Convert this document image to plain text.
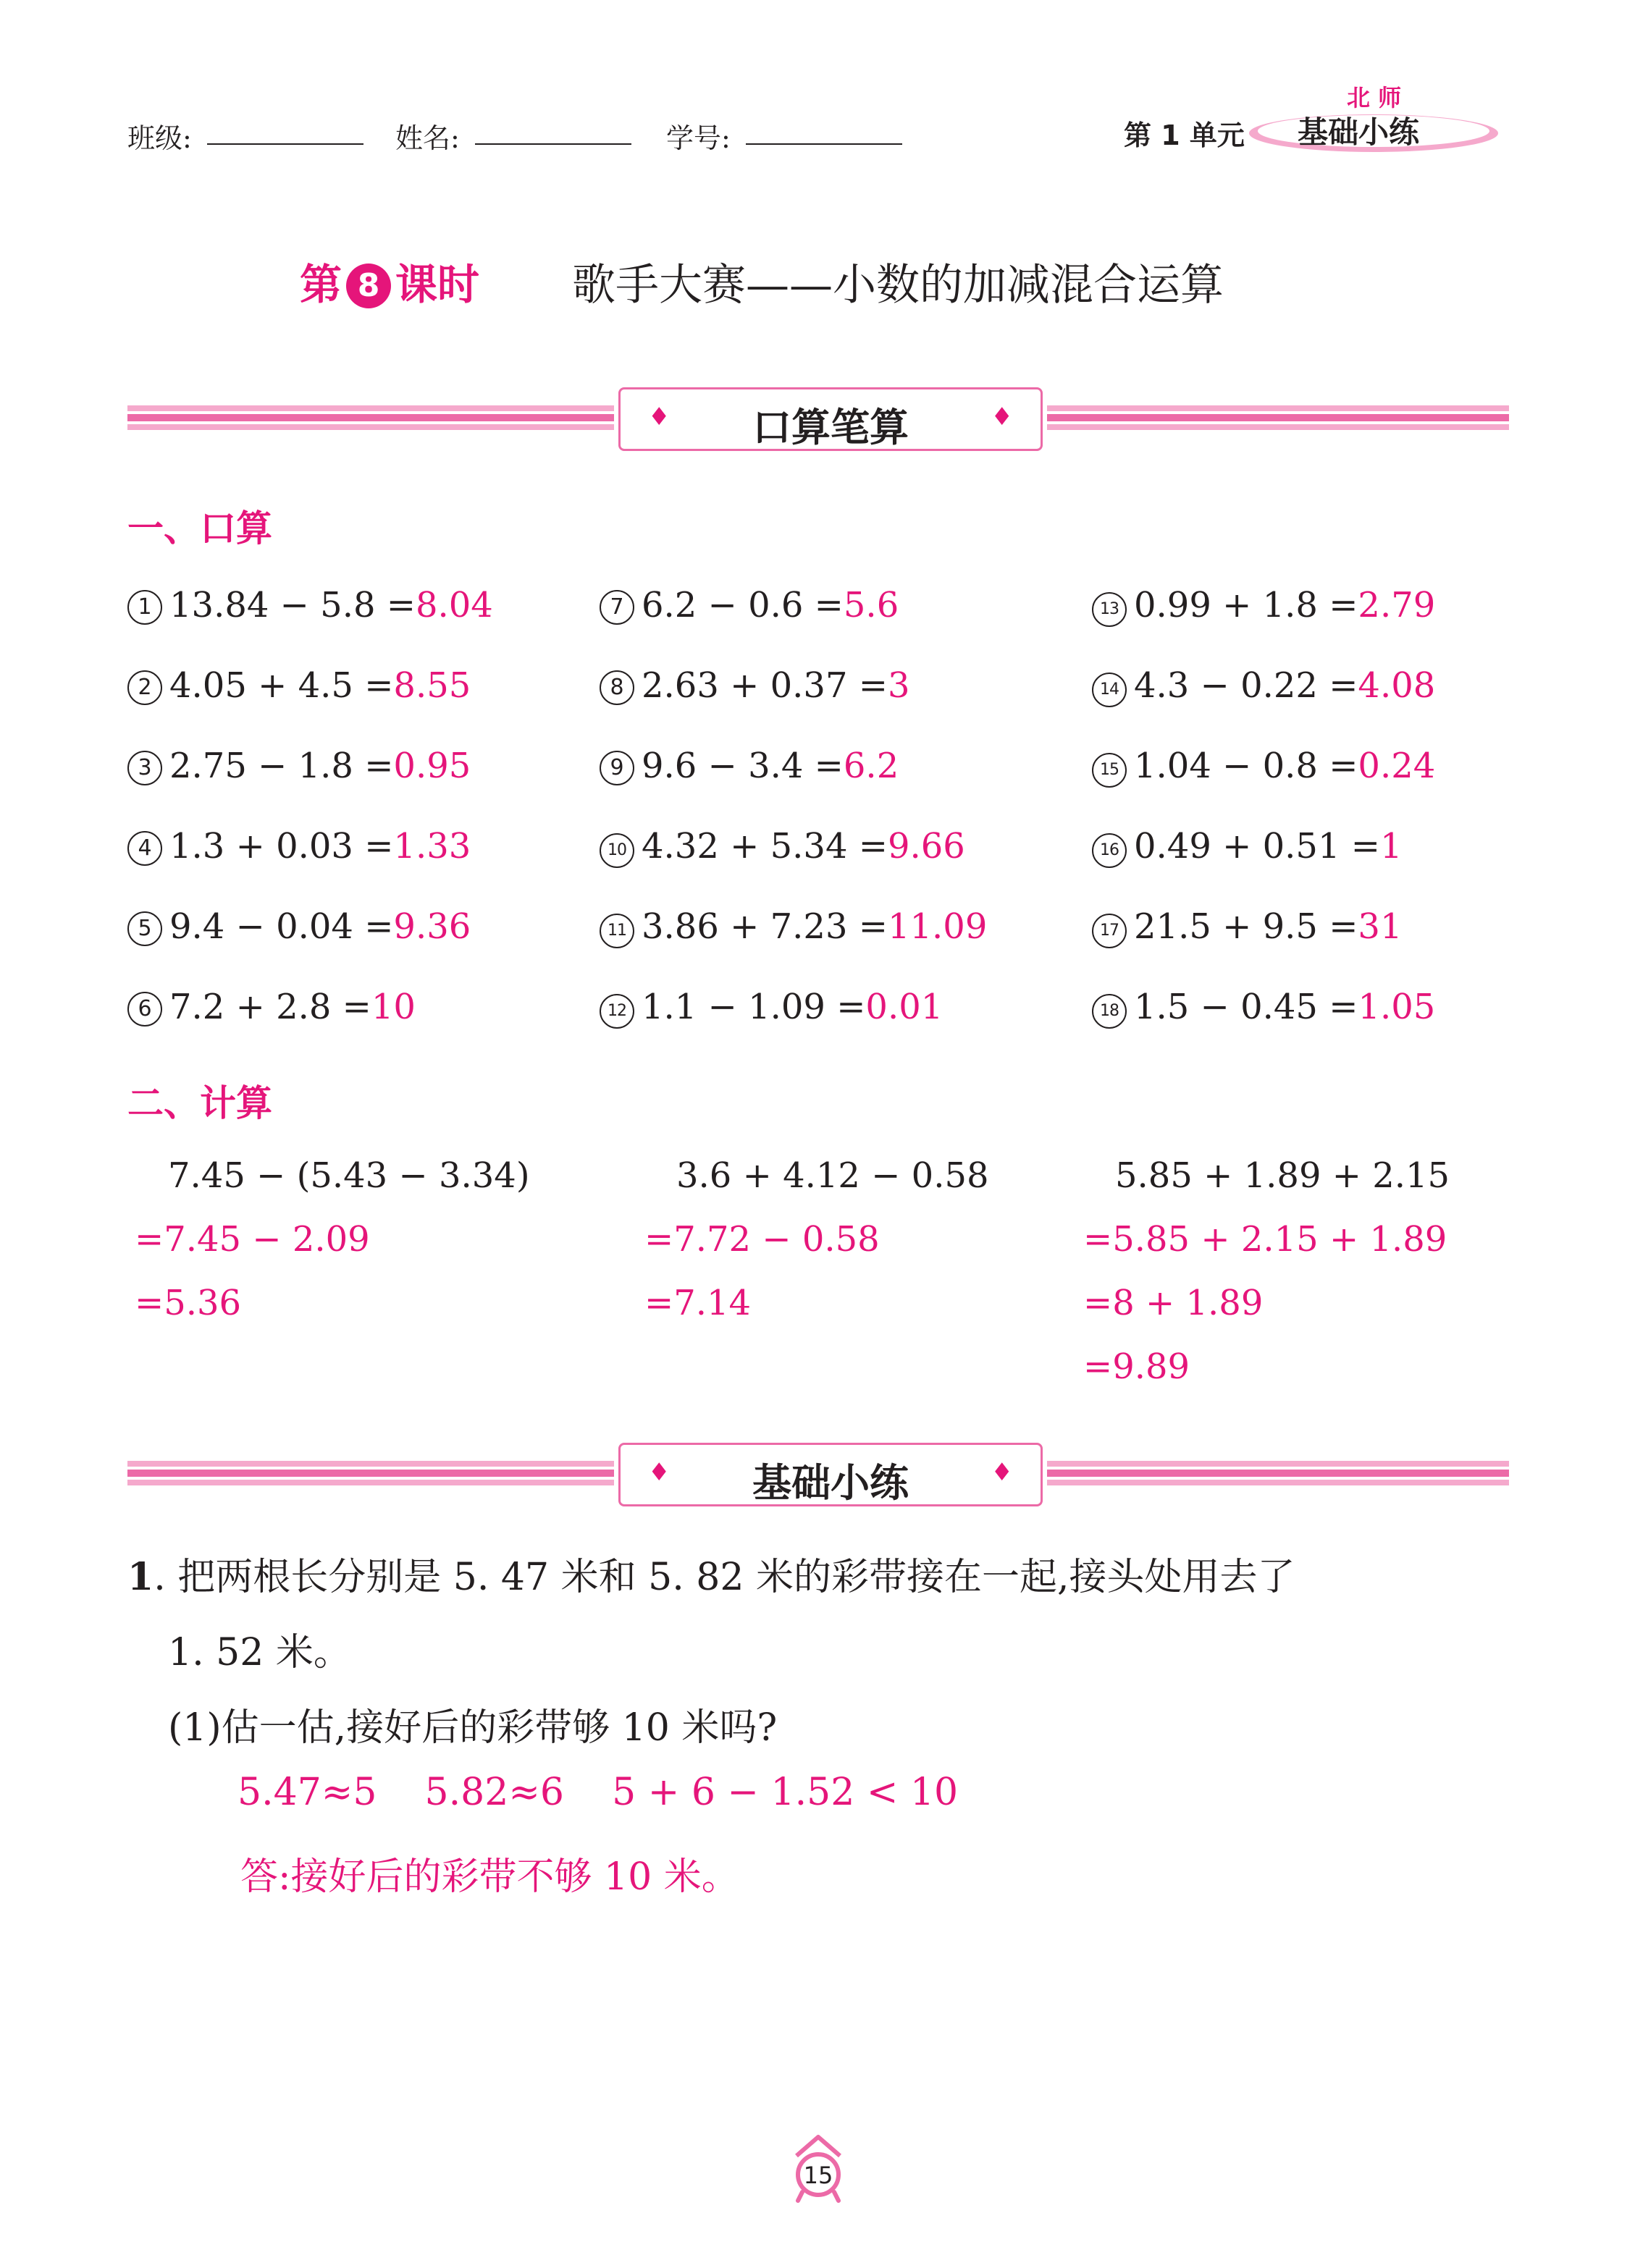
班级:	姓名:	学号:	第 1 单元
北 师
基础小练
第 8 课时 歌手大赛——小数的加减混合运算
♦	口算笔算	♦
一、口算
1 13.84 − 5.8 =8.04
2 4.05 + 4.5 =8.55
3 2.75 − 1.8 =0.95
4 1.3 + 0.03 =1.33
5 9.4 − 0.04 =9.36
6 7.2 + 2.8 =10
7 6.2 − 0.6 =5.6
8 2.63 + 0.37 =3
9 9.6 − 3.4 =6.2
10 4.32 + 5.34 =9.66
11 3.86 + 7.23 =11.09
12 1.1 − 1.09 =0.01
13 0.99 + 1.8 =2.79
14 4.3 − 0.22 =4.08
15 1.04 − 0.8 =0.24
16 0.49 + 0.51 =1
17 21.5 + 9.5 =31
18 1.5 − 0.45 =1.05
二、计算
7.45 − (5.43 − 3.34)
=7.45 − 2.09
=5.36
3.6 + 4.12 − 0.58
=7.72 − 0.58
=7.14
5.85 + 1.89 + 2.15
=5.85 + 2.15 + 1.89
=8 + 1.89
=9.89
♦	基础小练	♦
1. 把两根长分别是 5. 47 米和 5. 82 米的彩带接在一起,接头处用去了
1. 52 米。
(1)估一估,接好后的彩带够 10 米吗?
5.47≈5    5.82≈6    5 + 6 − 1.52 < 10
答:接好后的彩带不够 10 米。
15
